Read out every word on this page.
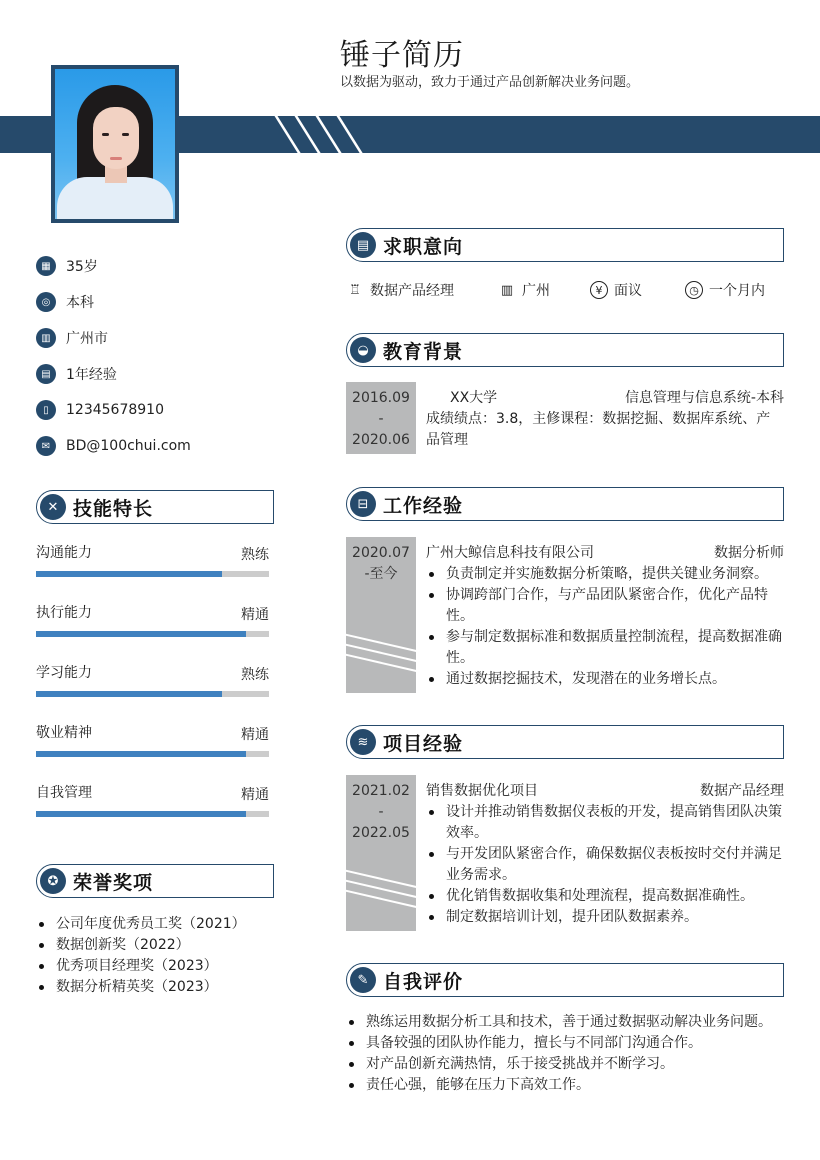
锤子简历
以数据为驱动，致力于通过产品创新解决业务问题。
▦	35岁
◎	本科
▥	广州市
▤	1年经验
▯	12345678910
✉	BD@100chui.com
✕ 技能特长
沟通能力	熟练
执行能力	精通
学习能力	熟练
敬业精神	精通
自我管理	精通
✪ 荣誉奖项
公司年度优秀员工奖（2021）
数据创新奖（2022）
优秀项目经理奖（2023）
数据分析精英奖（2023）
▤ 求职意向
♖ 数据产品经理	▥ 广州	¥ 面议	◷ 一个月内
◒ 教育背景
2016.09
-
2020.06
XX大学	信息管理与信息系统-本科
成绩绩点：3.8，主修课程：数据挖掘、数据库系统、产品管理
⊟ 工作经验
2020.07
-至今
广州大鲸信息科技有限公司	数据分析师
负责制定并实施数据分析策略，提供关键业务洞察。
协调跨部门合作，与产品团队紧密合作，优化产品特性。
参与制定数据标准和数据质量控制流程，提高数据准确性。
通过数据挖掘技术，发现潜在的业务增长点。
≋ 项目经验
2021.02
-
2022.05
销售数据优化项目	数据产品经理
设计并推动销售数据仪表板的开发，提高销售团队决策效率。
与开发团队紧密合作，确保数据仪表板按时交付并满足业务需求。
优化销售数据收集和处理流程，提高数据准确性。
制定数据培训计划，提升团队数据素养。
✎ 自我评价
熟练运用数据分析工具和技术，善于通过数据驱动解决业务问题。
具备较强的团队协作能力，擅长与不同部门沟通合作。
对产品创新充满热情，乐于接受挑战并不断学习。
责任心强，能够在压力下高效工作。
